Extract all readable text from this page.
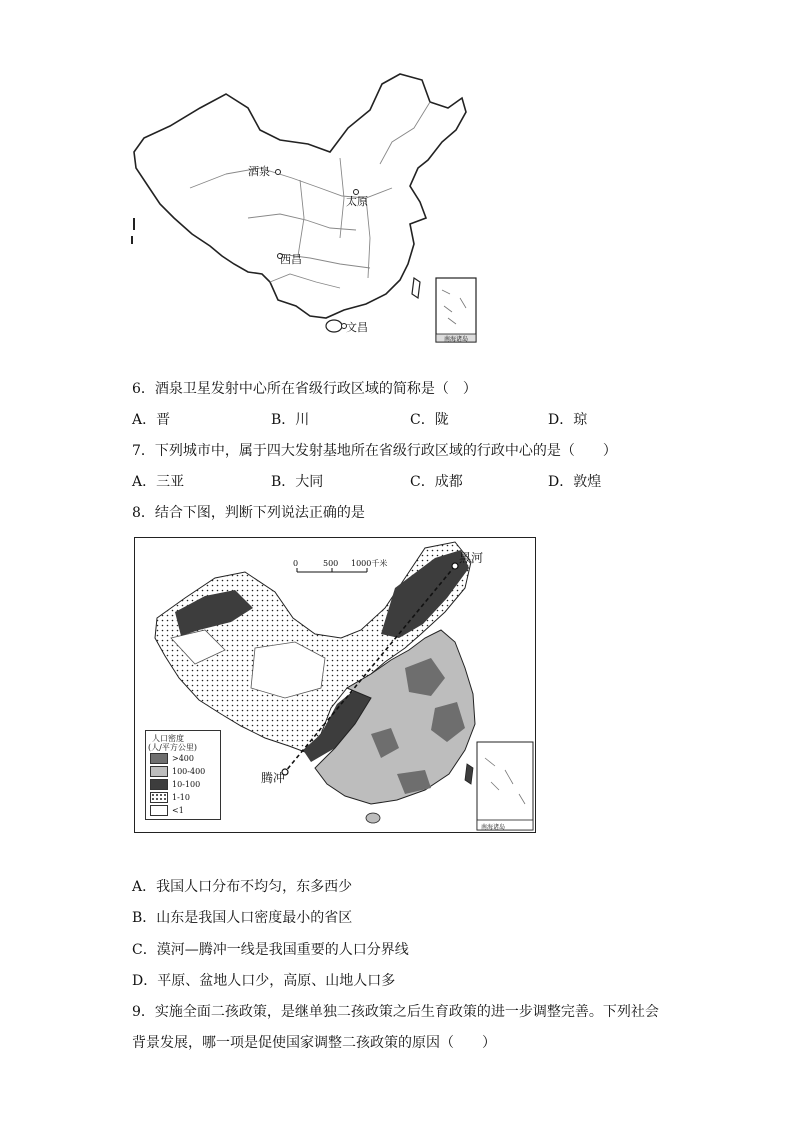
酒泉
太原
西昌
文昌
南海诸岛
6．酒泉卫星发射中心所在省级行政区域的简称是（　）
A．晋	B．川	C．陇	D．琼
7．下列城市中，属于四大发射基地所在省级行政区域的行政中心的是（　　）
A．三亚	B．大同	C．成都	D．敦煌
8．结合下图，判断下列说法正确的是
0	500 1000千米	黑河
腾冲
南海诸岛
人口密度
(人/平方公里)
>400
100-400
10-100
1-10
<1
A．我国人口分布不均匀，东多西少
B．山东是我国人口密度最小的省区
C．漠河—腾冲一线是我国重要的人口分界线
D．平原、盆地人口少，高原、山地人口多
9．实施全面二孩政策，是继单独二孩政策之后生育政策的进一步调整完善。下列社会
背景发展，哪一项是促使国家调整二孩政策的原因（　　）
